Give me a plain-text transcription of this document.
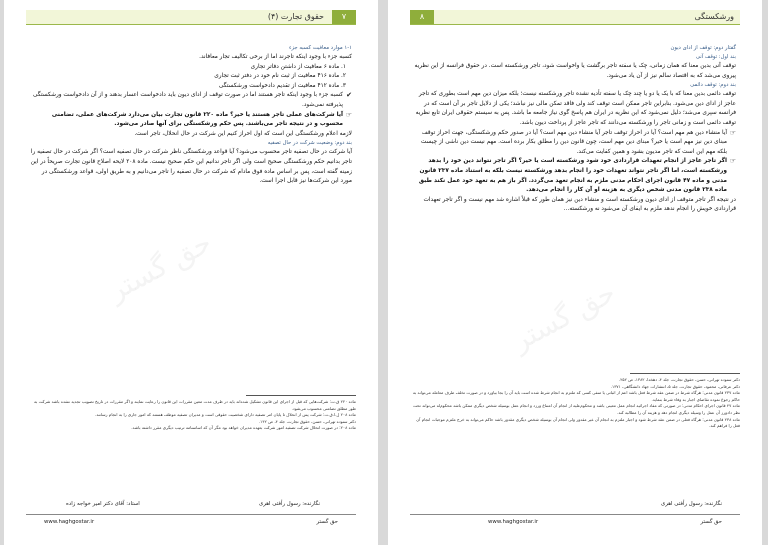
حقوق تجارت (۴)	۷
حق گستر
۱-۱ موارد معافیت کسبه جزء

کسبه جزء با وجود اینکه تاجرند اما از برخی تکالیف تجار معافاند.

۱. ماده ۶ معافیت از داشتن دفاتر تجاری

۲. ماده ۴۱۶ معافیت از ثبت نام خود در دفتر ثبت تجاری

۳. ماده ۴۱۲ معافیت از تقدیم دادخواست ورشکستگی

✔
کسبه جزء با وجود اینکه تاجر هستند اما در صورت توقف از ادای دیون باید دادخواست اعسار بدهند و از آن دادخواست ورشکستگی پذیرفته نمی‌شود.
☞
آیا شرکت‌های عملی تاجر هستند یا خیر؟ ماده ۲۲۰ قانون تجارت بیان می‌دارد شرکت‌های عملی، تضامنی محسوب و در نتیجه تاجر می‌باشند. پس حکم ورشکستگی برای آنها صادر می‌شود.

لازمه اعلام ورشکستگی این است که اول احراز کنیم این شرکت در حال انحلال، تاجر است.

بند دوم: وضعیت شرکت در حال تصفیه

آیا شرکت در حال تصفیه تاجر محسوب می‌شود؟ آیا قواعد ورشکستگی ناظر شرکت در حال تصفیه است؟ اگر شرکت در حال تصفیه را تاجر بدانیم حکم ورشکستگی صحیح است ولی اگر تاجر ندانیم این حکم صحیح نیست. ماده ۲۰۸ لایحه اصلاح قانون تجارت صریحاً در این زمینه گفته است، پس بر اساس ماده فوق مادام که شرکت در حال تصفیه را تاجر می‌دانیم و به طریق اولی، قواعد ورشکستگی در مورد این شرکت‌ها نیز قابل اجرا است.

ماده ۲۲۰ ق.ت: شرکت‌هایی که قبل از اجرای این قانون تشکیل شده‌اند باید در ظرف مدت معین مقررات این قانون را رعایت نمایند و اگر مقررات در تاریخ تصویب تجدید نشده باشد شرکت به طور مطلق تضامنی محسوب می‌شود.
ماده ۲۰۸ ل.ا.ق.ت: شرکت پس از انحلال تا پایان امر تصفیه دارای شخصیت حقوقی است و مدیران تصفیه موظف هستند که امور جاری را به انجام رسانند.
دکتر ستوده تهرانی، حسن، حقوق تجارت، جلد ۴، ص ۱۴۲.
ماده ۲۰۸: در صورت انحلال شرکت تصفیه امور شرکت بعهده مدیران خواهد بود مگر آن که اساسنامه ترتیب دیگری مقرر داشته باشد.
نگارنده: رسول رأفتی اهری
استاد: آقای دکتر امیر خواجه زاده
www.haghgostar.ir	حق گستر
۸	ورشکستگی
حق گستر
گفتار دوم: توقف از ادای دیون
بند اول: توقف آنی

توقف آنی بدین معنا که همان زمانی، چک یا سفته تاجر برگشت یا واخواست شود، تاجر ورشکسته است. در حقوق فرانسه از این نظریه پیروی می‌شد که به اقتصاد سالم نیز از آن یاد می‌شود.

بند دوم: توقف دائمی

توقف دائمی بدین معنا که با یک یا دو یا چند چک یا سفته تأدیه نشده تاجر ورشکسته نیست؛ بلکه میزان دین مهم است بطوری که تاجر عاجز از ادای دین می‌شود. بنابراین تاجر ممکن است توقف کند ولی فاقد تمکن مالی نیز نباشد؛ یکی از دلایل تاجر بر آن است که در فرانسه سپری می‌شد؛ دلیل نمی‌شود که این نظریه در ایران هم پاسخ گوی نیاز جامعه ما باشد. پس به سیستم حقوقی ایران تابع نظریه توقف دائمی است و زمانی تاجر را ورشکسته می‌دانند که تاجر عاجز از پرداخت دیون باشد.

☞
آیا منشاء دین هم مهم است؟ آیا در احراز توقف تاجر آیا منشاء دین مهم است؟ آیا در صدور حکم ورشکستگی، جهت احراز توقف مبنای دین نیز مهم است یا خیر؟ مبنای دین مهم است، چون قانون دین را مطلق بکار برده است. مهم نیست دین ناشی از چیست بلکه مهم این است که تاجر مدیون بشود و همین کفایت می‌کند.
☞
اگر تاجر عاجز از انجام تعهدات قراردادی خود شود ورشکسته است یا خیر؟ اگر تاجر نتواند دین خود را بدهد ورشکسته است، اما اگر تاجر نتواند تعهدات خود را انجام بدهد ورشکسته نیست بلکه به استناد ماده ۲۳۷ قانون مدنی و ماده ۴۷ قانون اجرای احکام مدنی ملزم به انجام تعهد می‌گردد. اگر باز هم به تعهد خود عمل نکند طبق ماده ۲۳۸ قانون مدنی شخص دیگری به هزینه او آن کار را انجام می‌دهد.

در نتیجه اگر تاجر متوقف از ادای دیون ورشکسته است و منشاء دین نیز همان طور که قبلاً اشاره شد مهم نیست و اگر تاجر تعهدات قراردادی خویش را انجام ندهد ملزم به ایفای آن می‌شود نه ورشکسته...

دکتر ستوده تهرانی، حسن، حقوق تجارت، جلد ۴، دهخدا، ۱۳۸۲، ص ۲۵۲.
دکتر عرفانی، محمود، حقوق تجارت، جلد ۵، انتشارات جهاد دانشگاهی، ۱۳۷۱.
ماده ۲۳۷ قانون مدنی: هرگاه شرط در ضمن عقد شرط فعل باشد اعم از اثباتی یا منفی کسی که ملتزم به انجام شرط شده است باید آن را بجا بیاورد و در صورت تخلف طرف معامله می‌تواند به حاکم رجوع نموده تقاضای اجبار به وفاء شرط بنماید.
ماده ۴۷ قانون اجرای احکام مدنی: در صورتی که مفاد اجرائیه انجام عمل معینی باشد و محکوم‌علیه از انجام آن امتناع ورزد و انجام عمل بوسیله شخص دیگری ممکن باشد محکوم‌له می‌تواند تحت نظر دادورز آن عمل را وسیله دیگری انجام دهد و هزینه آن را مطالبه کند.
ماده ۲۳۸ قانون مدنی: هرگاه فعلی در ضمن عقد شرط شود و اجبار ملتزم به انجام آن غیر مقدور ولی انجام آن بوسیله شخص دیگری مقدور باشد حاکم می‌تواند به خرج ملتزم موجبات انجام آن فعل را فراهم کند.
نگارنده: رسول رأفتی اهری
www.haghgostar.ir	حق گستر
